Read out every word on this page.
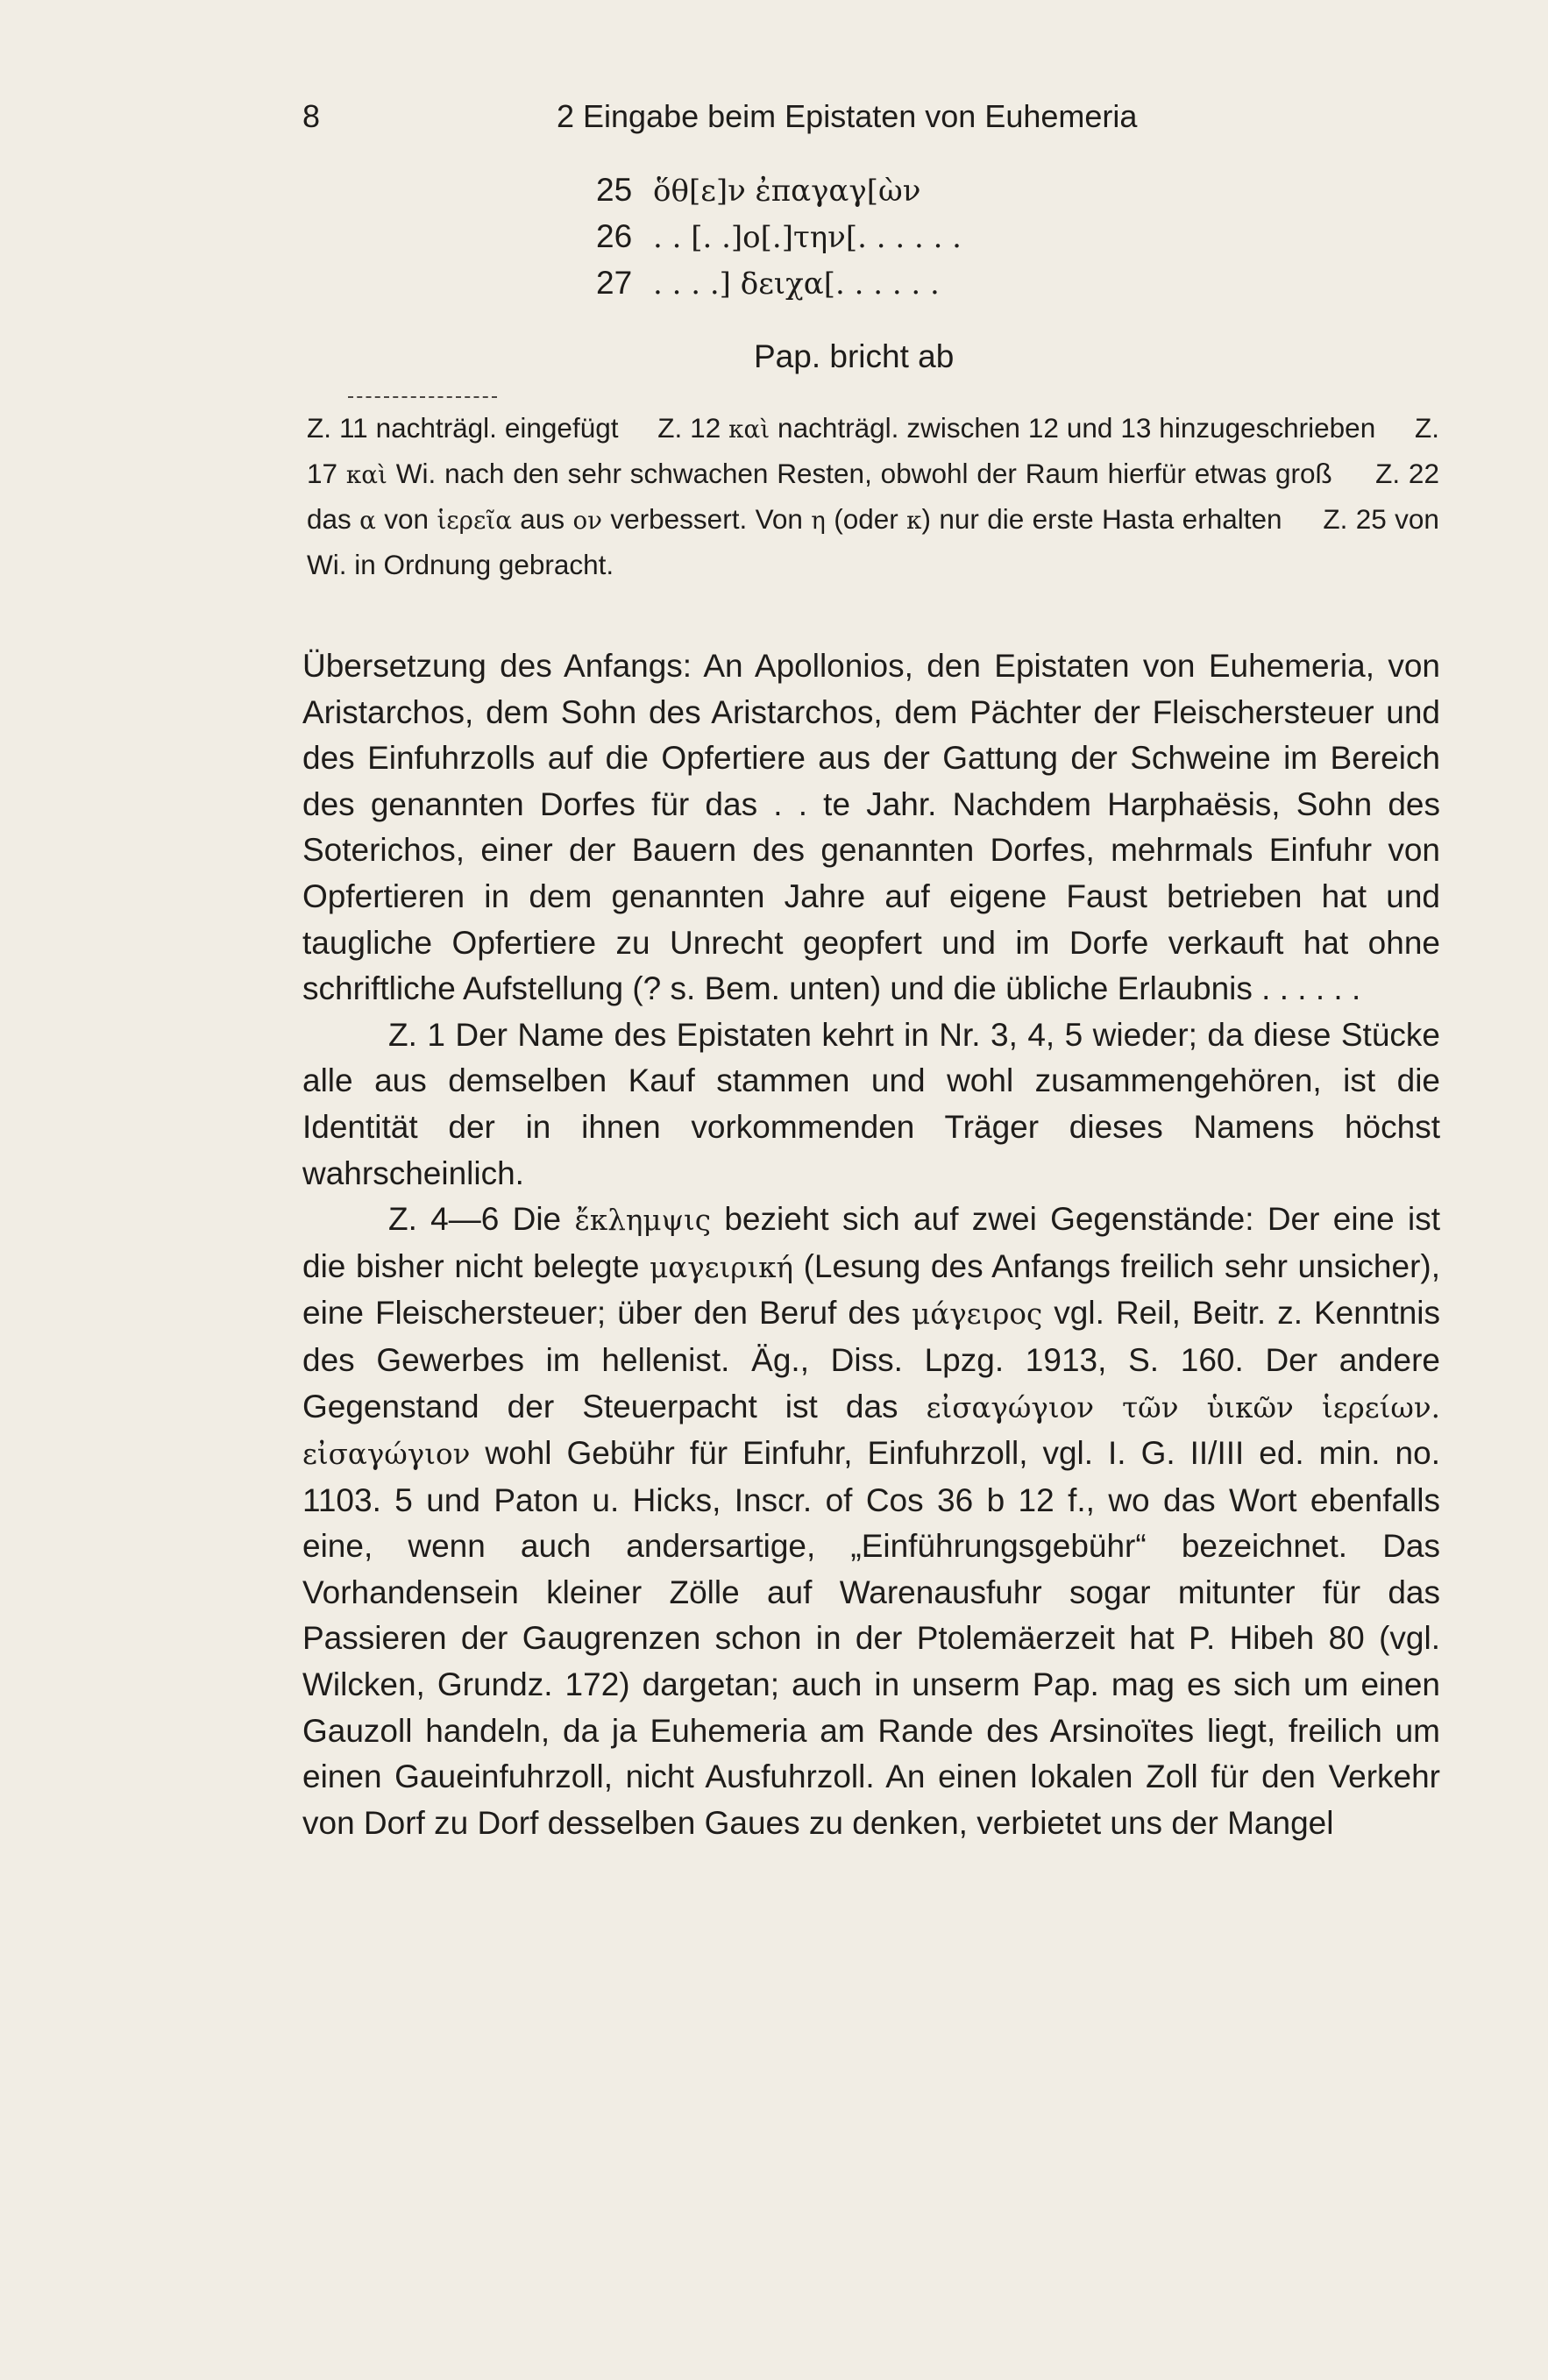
8	2 Eingabe beim Epistaten von Euhemeria
25 ὅθ[ε]ν ἐπαγαγ[ὼν
26 . . [. .]ο[.]την[. . . . . .
27 . . . .] δειχα[. . . . . .
Pap. bricht ab

Z. 11 nachträgl. eingefügt Z. 12 καὶ nachträgl. zwischen 12 und 13 hinzugeschrieben Z. 17 καὶ Wi. nach den sehr schwachen Resten, obwohl der Raum hierfür etwas groß Z. 22 das α von ἱερεῖα aus ον verbessert. Von η (oder κ) nur die erste Hasta erhalten Z. 25 von Wi. in Ordnung gebracht.

Übersetzung des Anfangs: An Apollonios, den Epistaten von Euhemeria, von Aristarchos, dem Sohn des Aristarchos, dem Pächter der Fleischersteuer und des Einfuhrzolls auf die Opfertiere aus der Gattung der Schweine im Bereich des genannten Dorfes für das . . te Jahr. Nachdem Harphaësis, Sohn des Soterichos, einer der Bauern des genannten Dorfes, mehrmals Einfuhr von Opfertieren in dem genannten Jahre auf eigene Faust betrieben hat und taugliche Opfertiere zu Unrecht geopfert und im Dorfe verkauft hat ohne schriftliche Aufstellung (? s. Bem. unten) und die übliche Erlaubnis . . . . . .

Z. 1 Der Name des Epistaten kehrt in Nr. 3, 4, 5 wieder; da diese Stücke alle aus demselben Kauf stammen und wohl zusammengehören, ist die Identität der in ihnen vorkommenden Träger dieses Namens höchst wahrscheinlich.

Z. 4—6 Die ἔκλημψις bezieht sich auf zwei Gegenstände: Der eine ist die bisher nicht belegte μαγειρική (Lesung des Anfangs freilich sehr unsicher), eine Fleischersteuer; über den Beruf des μάγειρος vgl. Reil, Beitr. z. Kenntnis des Gewerbes im hellenist. Äg., Diss. Lpzg. 1913, S. 160. Der andere Gegenstand der Steuerpacht ist das εἰσαγώγιον τῶν ὑικῶν ἱερείων. εἰσαγώγιον wohl Gebühr für Einfuhr, Einfuhrzoll, vgl. I. G. II/III ed. min. no. 1103. 5 und Paton u. Hicks, Inscr. of Cos 36 b 12 f., wo das Wort ebenfalls eine, wenn auch andersartige, „Einführungsgebühr“ bezeichnet. Das Vorhandensein kleiner Zölle auf Warenausfuhr sogar mitunter für das Passieren der Gaugrenzen schon in der Ptolemäerzeit hat P. Hibeh 80 (vgl. Wilcken, Grundz. 172) dargetan; auch in unserm Pap. mag es sich um einen Gauzoll handeln, da ja Euhemeria am Rande des Arsinoïtes liegt, freilich um einen Gaueinfuhrzoll, nicht Ausfuhrzoll. An einen lokalen Zoll für den Verkehr von Dorf zu Dorf desselben Gaues zu denken, verbietet uns der Mangel
